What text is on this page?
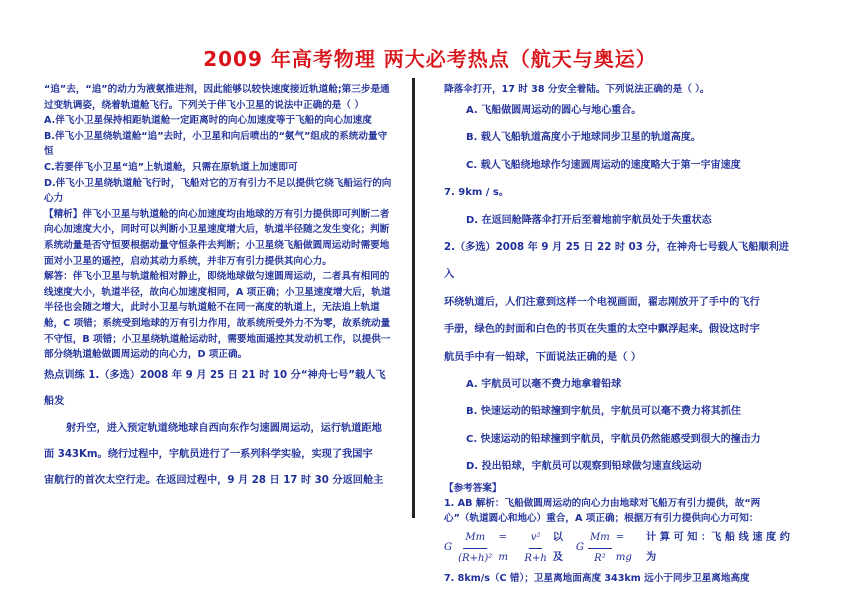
2009 年高考物理 两大必考热点（航天与奥运）

“追”去，“追”的动力为液氨推进剂，因此能够以较快速度接近轨道舱;第三步是通过变轨调姿，绕着轨道舱飞行。下列关于伴飞小卫星的说法中正确的是（ ）

A.伴飞小卫星保持相距轨道舱一定距离时的向心加速度等于飞船的向心加速度

B.伴飞小卫星绕轨道舱“追”去时，小卫星和向后喷出的“氨气”组成的系统动量守恒

C.若要伴飞小卫星“追”上轨道舱，只需在原轨道上加速即可

D.伴飞小卫星绕轨道舱飞行时，飞船对它的万有引力不足以提供它绕飞船运行的向心力

【精析】伴飞小卫星与轨道舱的向心加速度均由地球的万有引力提供即可判断二者向心加速度大小，同时可以判断小卫星速度增大后，轨道半径随之发生变化；判断系统动量是否守恒要根据动量守恒条件去判断；小卫星绕飞船做圆周运动时需要地面对小卫星的遥控，启动其动力系统，并非万有引力提供其向心力。

解答：伴飞小卫星与轨道舱相对静止，即绕地球做匀速圆周运动，二者具有相同的线速度大小，轨道半径，故向心加速度相同，A 项正确；小卫星速度增大后，轨道半径也会随之增大，此时小卫星与轨道舱不在同一高度的轨道上，无法追上轨道舱，C 项错；系统受到地球的万有引力作用，故系统所受外力不为零，故系统动量不守恒，B 项错；小卫星绕轨道舱运动时，需要地面遥控其发动机工作，以提供一部分绕轨道舱做圆周运动的向心力，D 项正确。

热点训练 1.（多选）2008 年 9 月 25 日 21 时 10 分“神舟七号”载人飞船发

射升空，进入预定轨道绕地球自西向东作匀速圆周运动，运行轨道距地

面 343Km。绕行过程中，宇航员进行了一系列科学实验，实现了我国宇

宙航行的首次太空行走。在返回过程中，9 月 28 日 17 时 30 分返回舱主

降落伞打开，17 时 38 分安全着陆。下列说法正确的是（ ）。

A. 飞船做圆周运动的圆心与地心重合。

B. 载人飞船轨道高度小于地球同步卫星的轨道高度。

C. 载人飞船绕地球作匀速圆周运动的速度略大于第一宇宙速度

7. 9km / s。

D. 在返回舱降落伞打开后至着地前宇航员处于失重状态

2.（多选）2008 年 9 月 25 日 22 时 03 分，在神舟七号载人飞船顺利进入

环绕轨道后，人们注意到这样一个电视画面，翟志刚放开了手中的飞行

手册，绿色的封面和白色的书页在失重的太空中飘浮起来。假设这时宇

航员手中有一铅球，下面说法正确的是（ ）

A. 宇航员可以毫不费力地拿着铅球

B. 快速运动的铅球撞到宇航员，宇航员可以毫不费力将其抓住

C. 快速运动的铅球撞到宇航员，宇航员仍然能感受到很大的撞击力

D. 投出铅球，宇航员可以观察到铅球做匀速直线运动

【参考答案】

1. AB 解析：飞船做圆周运动的向心力由地球对飞船万有引力提供，故“两心”（轨道圆心和地心）重合，A 项正确；根据万有引力提供向心力可知：

G $\frac{Mm}{\text{(R+h)²}} = m$	$\frac{\text{v²}}{R+h}$ 以及
G $\frac{Mm}{\text{R²}}$ = mg
计 算 可 知 ：飞 船 线 速 度 约 为

7. 8km/s（C 错）；卫星离地面高度 343km 远小于同步卫星离地高度
